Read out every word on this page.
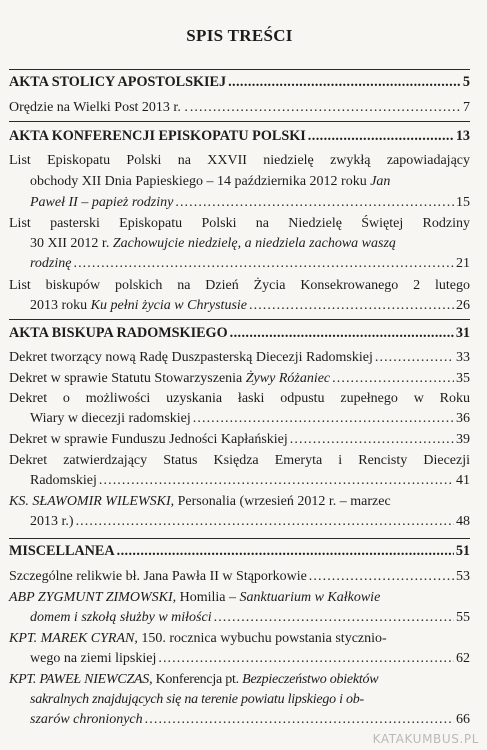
SPIS TREŚCI
AKTA STOLICY APOSTOLSKIEJ .....	5
Orędzie na Wielki Post 2013 r. . .....	7
AKTA KONFERENCJI EPISKOPATU POLSKI .....	13
List Episkopatu Polski na XXVII niedzielę zwykłą zapowiadający
obchody XII Dnia Papieskiego – 14 października 2012 roku Jan
Paweł II – papież rodziny .....	15
List pasterski Episkopatu Polski na Niedzielę Świętej Rodziny
30 XII 2012 r. Zachowujcie niedzielę, a niedziela zachowa waszą
rodzinę .....	21
List biskupów polskich na Dzień Życia Konsekrowanego 2 lutego
2013 roku Ku pełni życia w Chrystusie .....	26
AKTA BISKUPA RADOMSKIEGO .....	31
Dekret tworzący nową Radę Duszpasterską Diecezji Radomskiej .....	33
Dekret w sprawie Statutu Stowarzyszenia Żywy Różaniec .....	35
Dekret o możliwości uzyskania łaski odpustu zupełnego w Roku
Wiary w diecezji radomskiej .....	36
Dekret w sprawie Funduszu Jedności Kapłańskiej .....	39
Dekret zatwierdzający Status Księdza Emeryta i Rencisty Diecezji
Radomskiej .....	41
KS. SŁAWOMIR WILEWSKI, Personalia (wrzesień 2012 r. – marzec
2013 r.) .....	48
MISCELLANEA .....	51
Szczególne relikwie bł. Jana Pawła II w Stąporkowie .....	53
ABP ZYGMUNT ZIMOWSKI, Homilia – Sanktuarium w Kałkowie
domem i szkołą służby w miłości .....	55
KPT. MAREK CYRAN, 150. rocznica wybuchu powstania stycznio-
wego na ziemi lipskiej .....	62
KPT. PAWEŁ NIEWCZAS, Konferencja pt. Bezpieczeństwo obiektów
sakralnych znajdujących się na terenie powiatu lipskiego i ob-
szarów chronionych .....	66
KATAKUMBUS.PL
